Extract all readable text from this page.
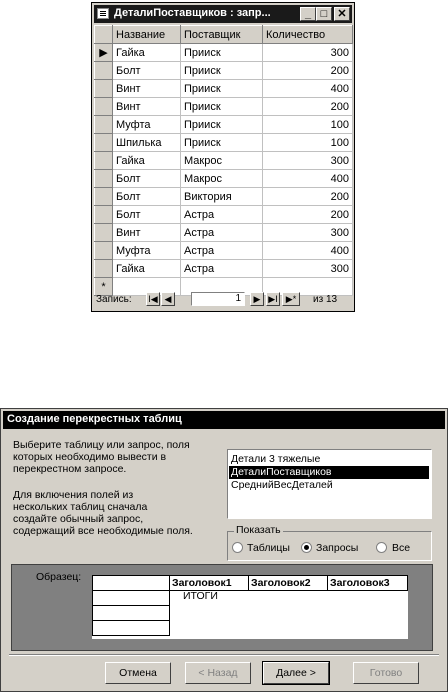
ДеталиПоставщиков : запр...	_ □ ✕
	Название	Поставщик	Количество
▶	Гайка	Прииск	300
	Болт	Прииск	200
	Винт	Прииск	400
	Винт	Прииск	200
	Муфта	Прииск	100
	Шпилька	Прииск	100
	Гайка	Макрос	300
	Болт	Макрос	400
	Болт	Виктория	200
	Болт	Астра	200
	Винт	Астра	300
	Муфта	Астра	400
	Гайка	Астра	300
*			
Запись: I◀ ◀	1	▶ ▶I ▶*	из 13
Создание перекрестных таблиц
Выберите таблицу или запрос, поля
которых необходимо вывести в
перекрестном запросе.
Для включения полей из
нескольких таблиц сначала
создайте обычный запрос,
содержащий все необходимые поля.
Детали 3 тяжелые
ДеталиПоставщиков
СреднийВесДеталей
Показать
Таблицы Запросы	Все
Образец:	Заголовок1	Заголовок2	Заголовок3
ИТОГИ
Отмена	< Назад	Далее >	Готово
